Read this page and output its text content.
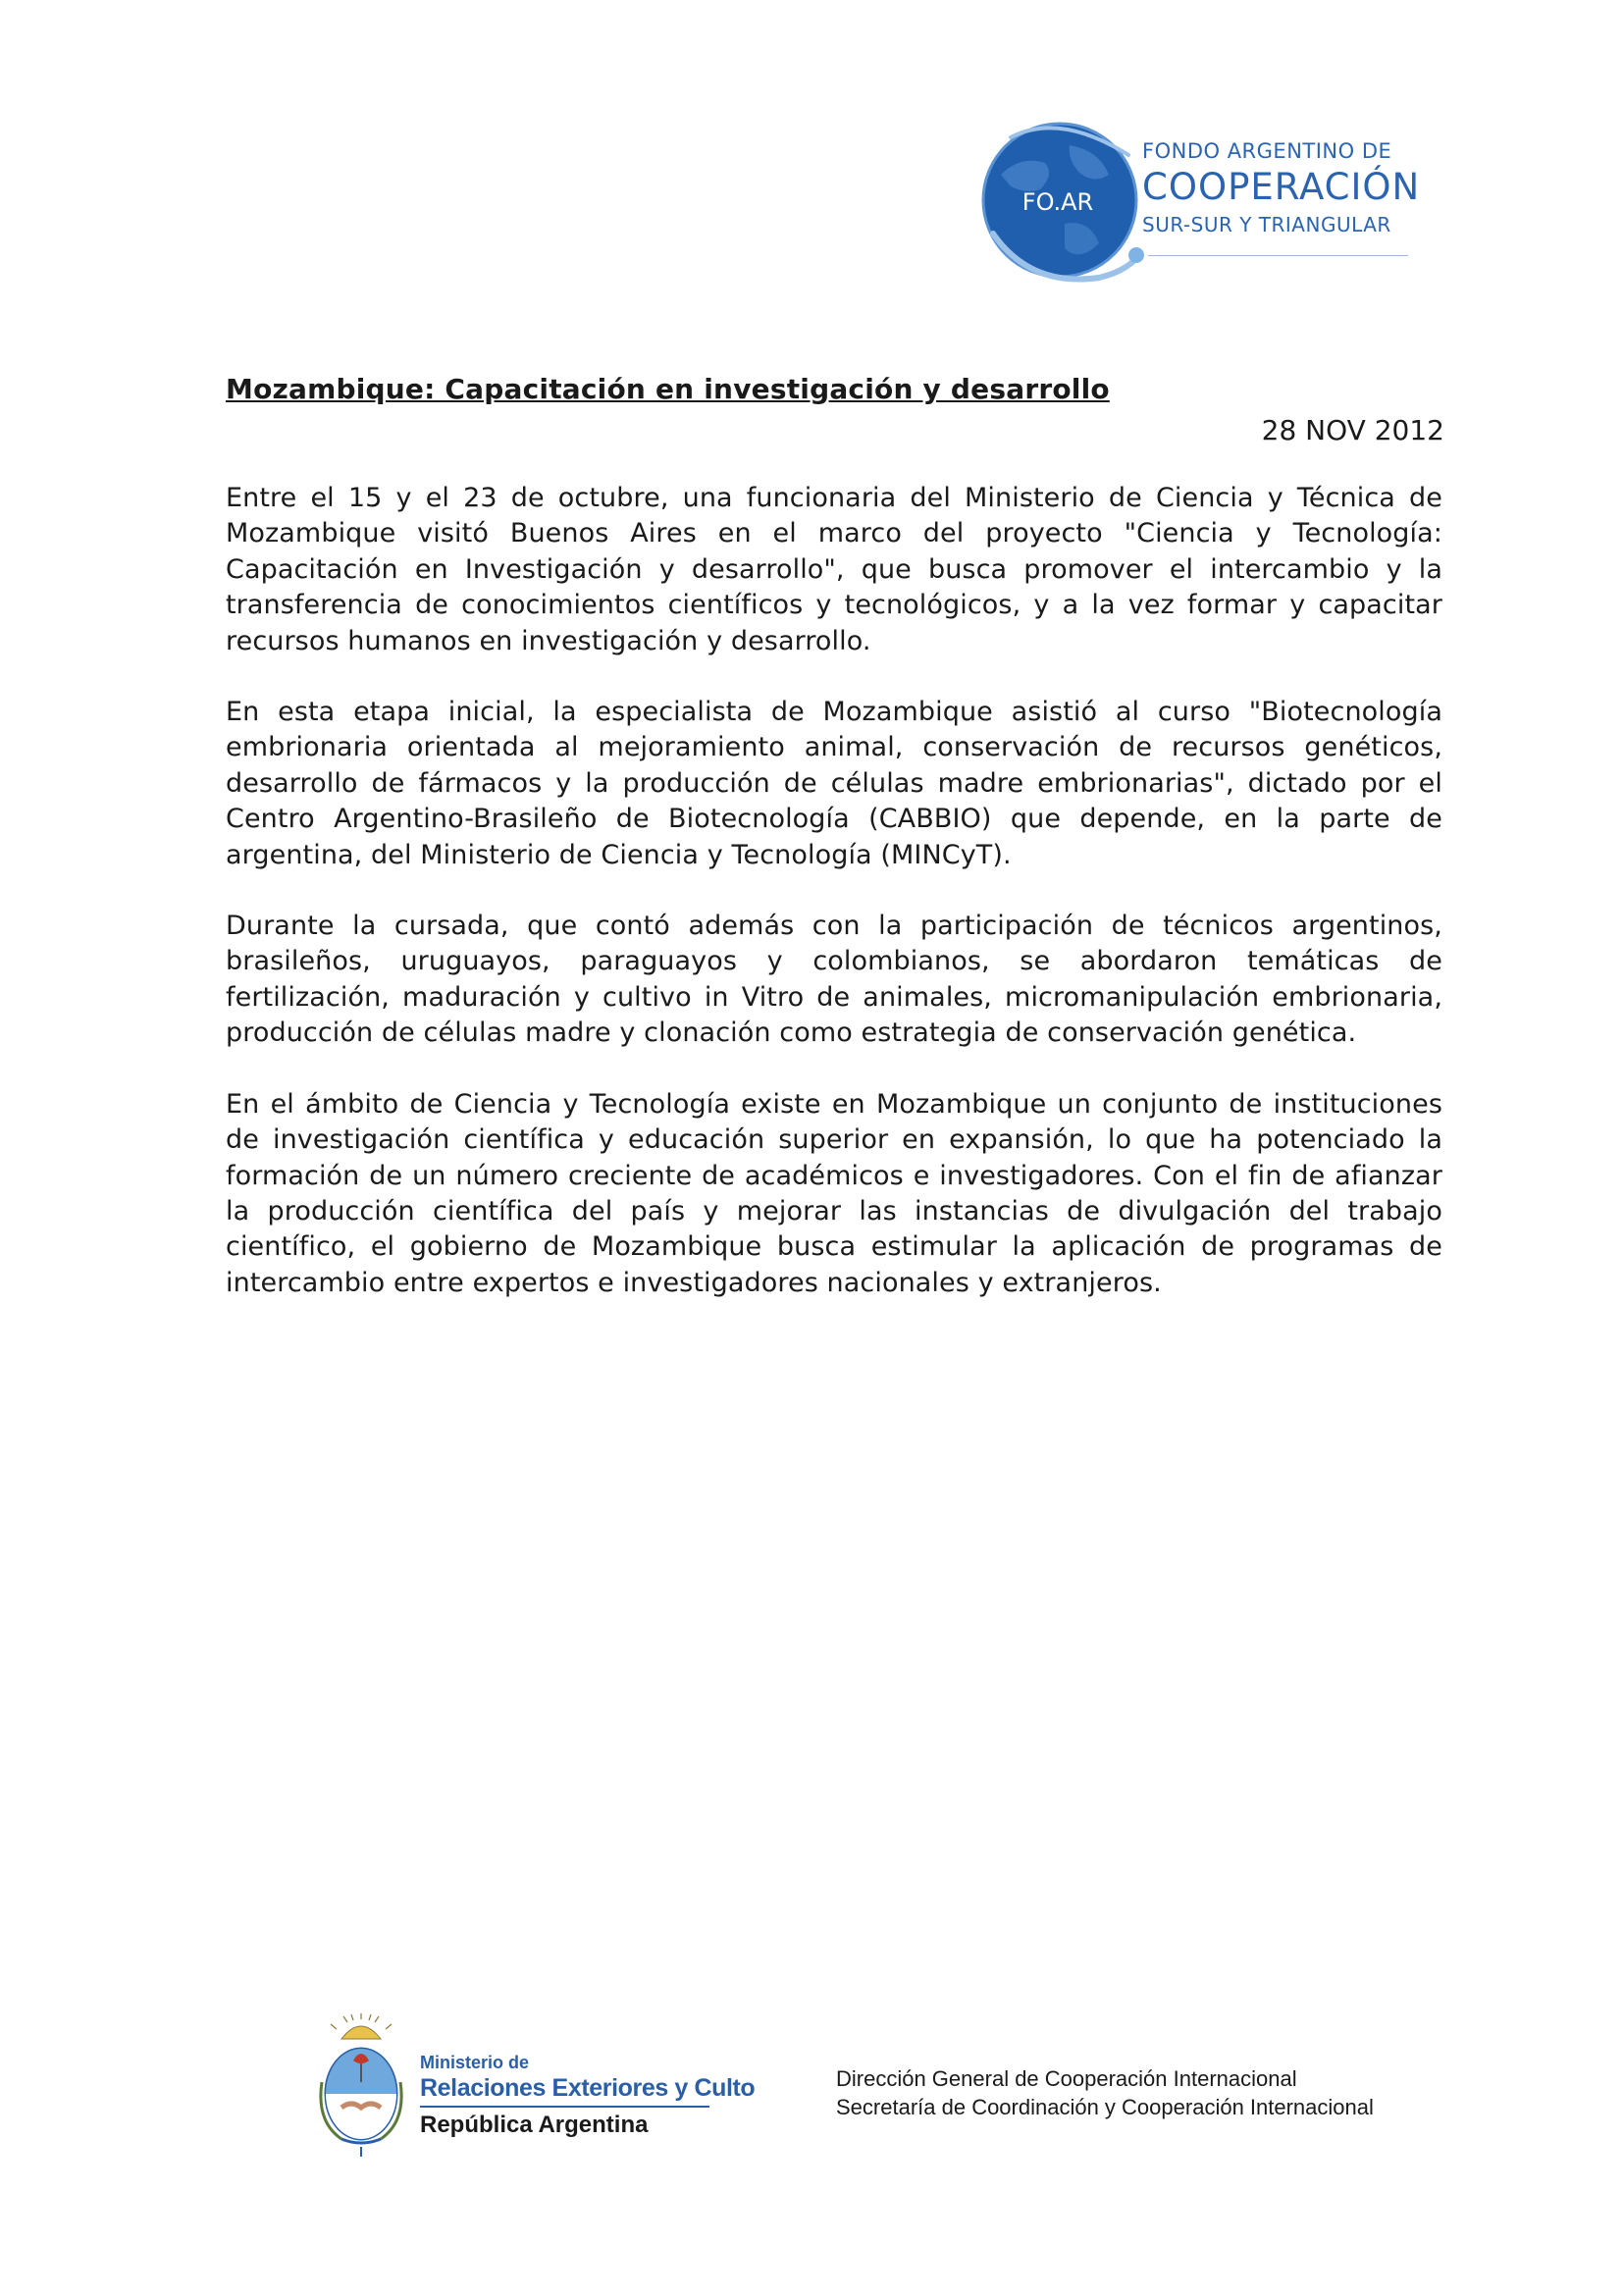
FO.AR
FONDO ARGENTINO DE
COOPERACIÓN
SUR-SUR Y TRIANGULAR
Mozambique: Capacitación en investigación y desarrollo
28 NOV 2012

Entre el 15 y el 23 de octubre, una funcionaria del Ministerio de Ciencia y Técnica de Mozambique visitó Buenos Aires en el marco del proyecto "Ciencia y Tecnología: Capacitación en Investigación y desarrollo", que busca promover el intercambio y la transferencia de conocimientos científicos y tecnológicos, y a la vez formar y capacitar recursos humanos en investigación y desarrollo.

En esta etapa inicial, la especialista de Mozambique asistió al curso "Biotecnología embrionaria orientada al mejoramiento animal, conservación de recursos genéticos, desarrollo de fármacos y la producción de células madre embrionarias", dictado por el Centro Argentino-Brasileño de Biotecnología (CABBIO) que depende, en la parte de argentina, del Ministerio de Ciencia y Tecnología (MINCyT).

Durante la cursada, que contó además con la participación de técnicos argentinos, brasileños, uruguayos, paraguayos y colombianos, se abordaron temáticas de fertilización, maduración y cultivo in Vitro de animales, micromanipulación embrionaria, producción de células madre y clonación como estrategia de conservación genética.

En el ámbito de Ciencia y Tecnología existe en Mozambique un conjunto de instituciones de investigación científica y educación superior en expansión, lo que ha potenciado la formación de un número creciente de académicos e investigadores. Con el fin de afianzar la producción científica del país y mejorar las instancias de divulgación del trabajo científico, el gobierno de Mozambique busca estimular la aplicación de programas de intercambio entre expertos e investigadores nacionales y extranjeros.

Ministerio de
Relaciones Exteriores y Culto
República Argentina
Dirección General de Cooperación Internacional
Secretaría de Coordinación y Cooperación Internacional
